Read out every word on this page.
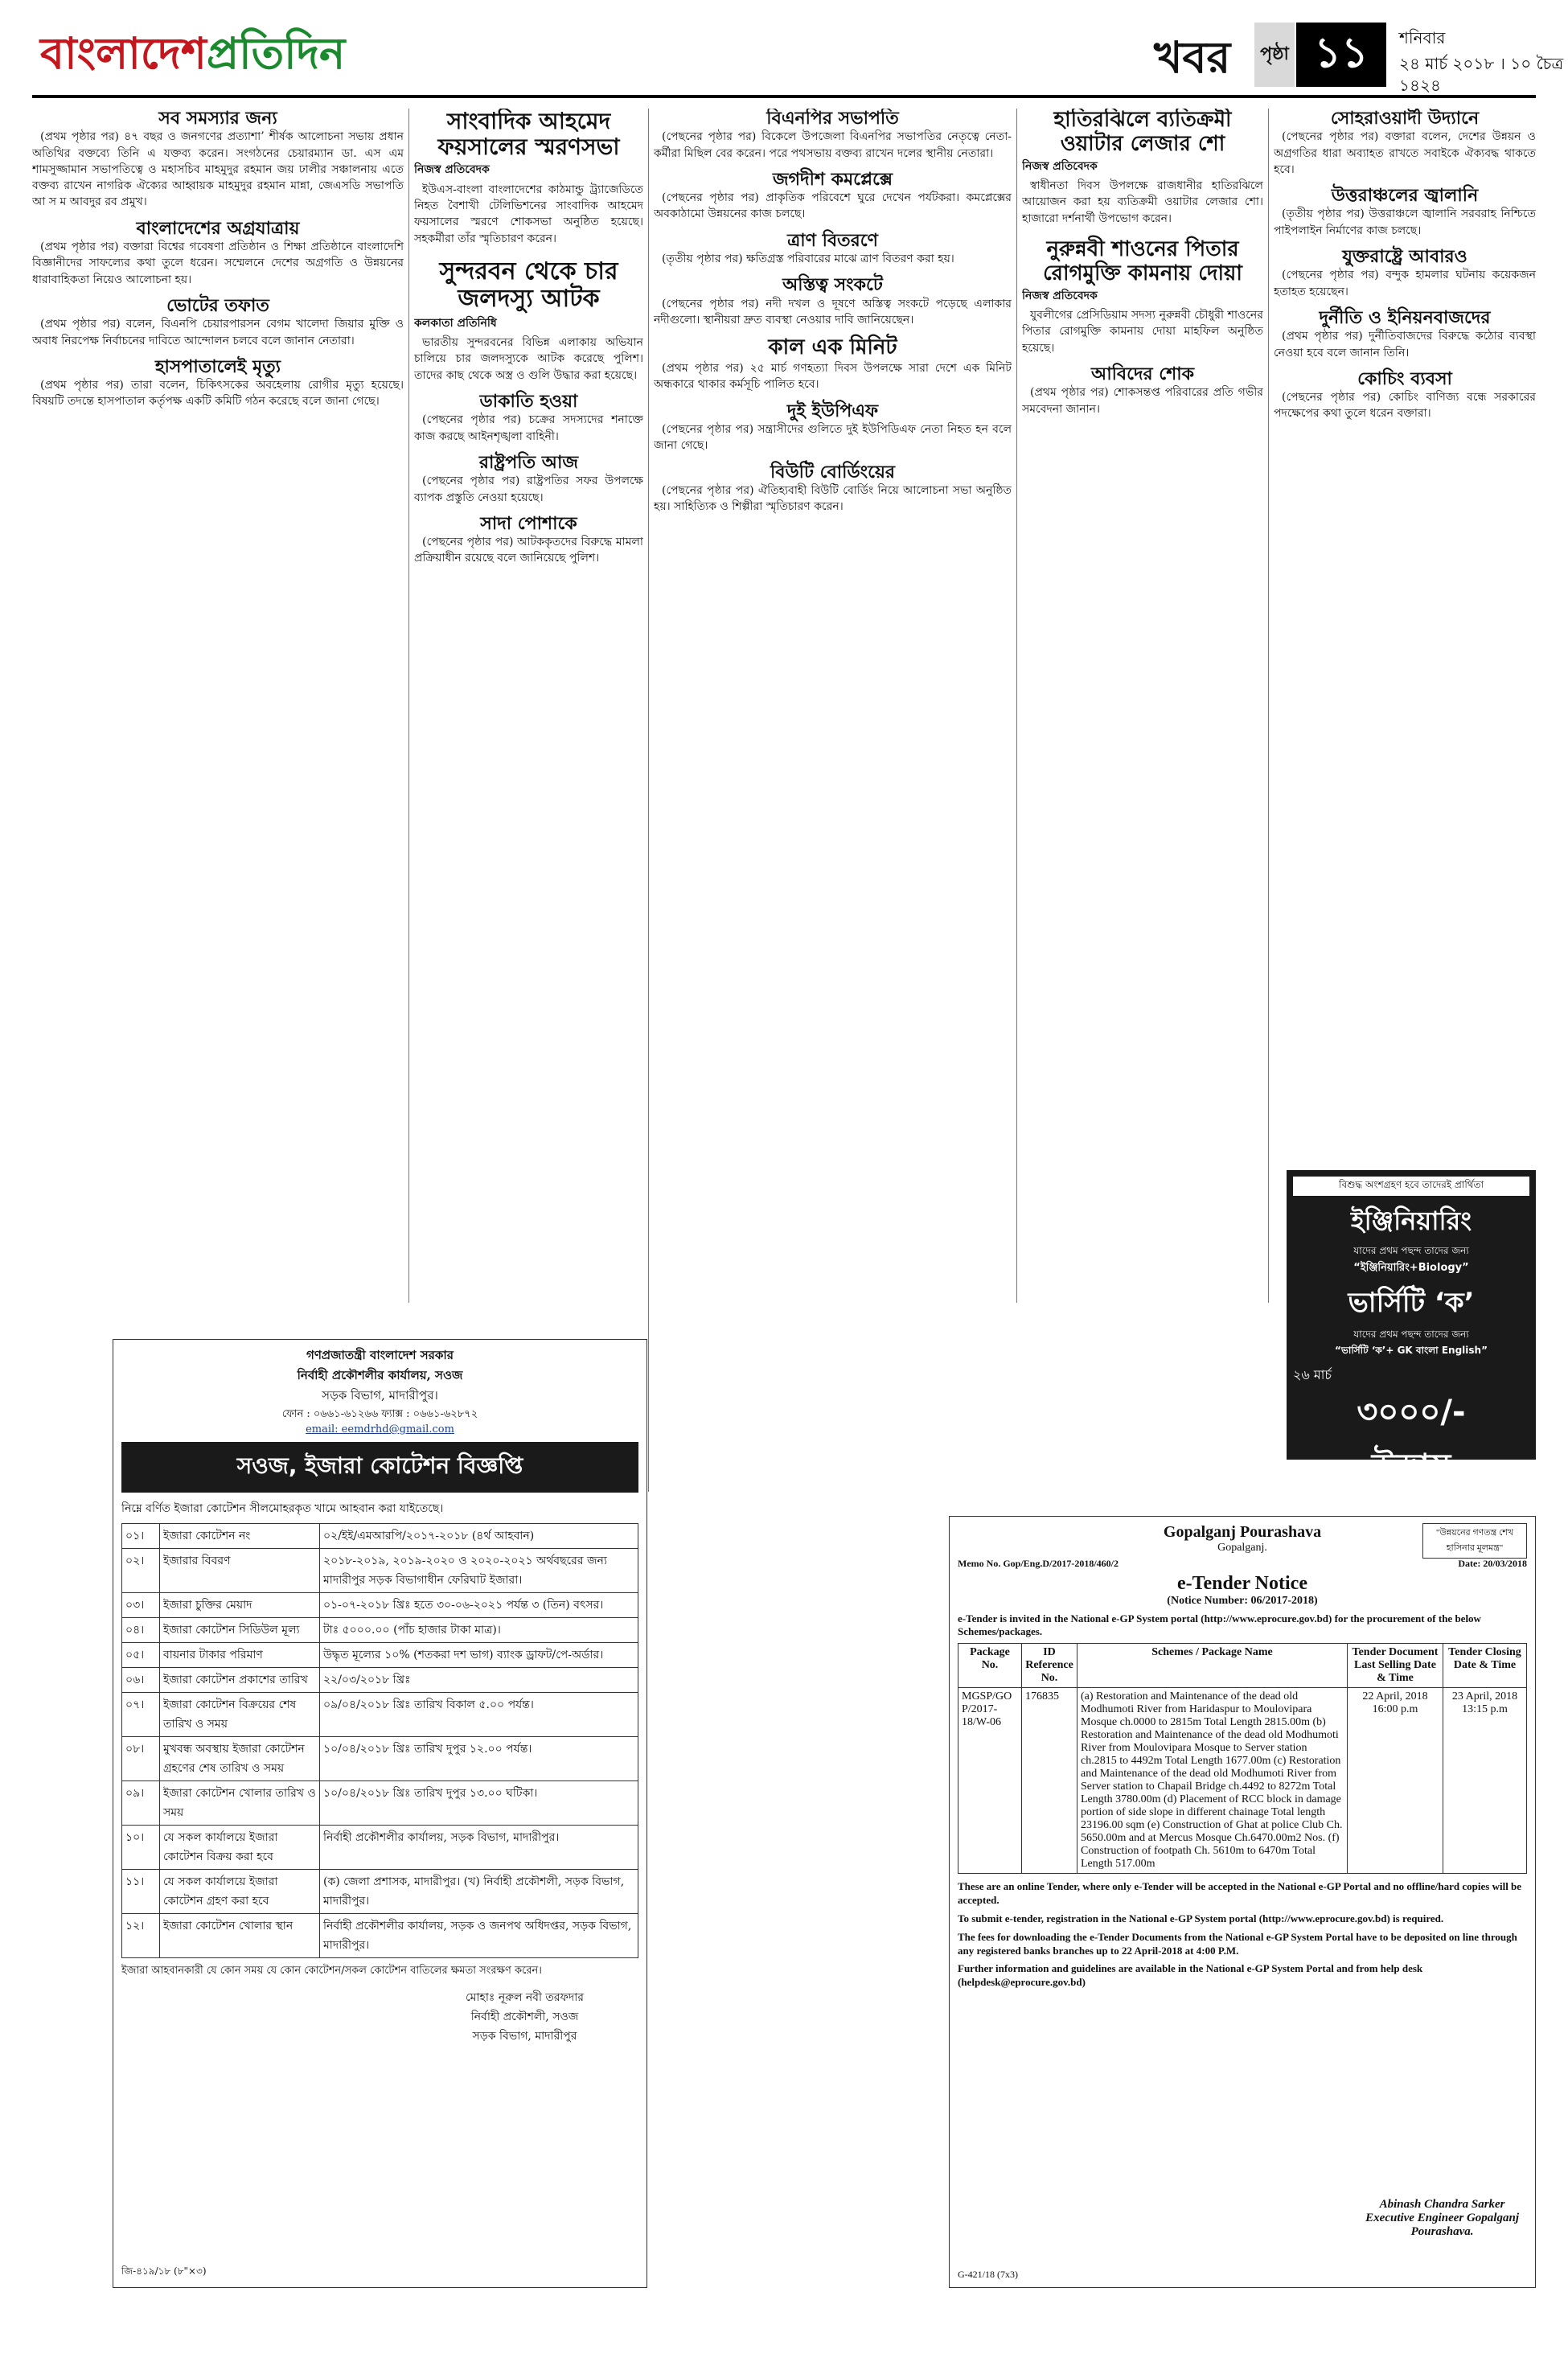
বাংলাদেশপ্রতিদিন	খবর	পৃষ্ঠা ১১	শনিবার
২৪ মার্চ ২০১৮ । ১০ চৈত্র ১৪২৪
সব সমস্যার জন্য

(প্রথম পৃষ্ঠার পর) ৪৭ বছর ও জনগণের প্রত্যাশা’ শীর্ষক আলোচনা সভায় প্রধান অতিথির বক্তব্যে তিনি এ যক্তব্য করেন। সংগঠনের চেয়ারম্যান ডা. এস এম শামসুজ্জামান সভাপতিত্বে ও মহাসচিব মাহমুদুর রহমান জয় ঢালীর সঞ্চালনায় এতে বক্তব্য রাখেন নাগরিক ঐক্যের আহ্বায়ক মাহমুদুর রহমান মান্না, জেএসডি সভাপতি আ স ম আবদুর রব প্রমুখ।

বাংলাদেশের অগ্রযাত্রায়

(প্রথম পৃষ্ঠার পর) বক্তারা বিশ্বের গবেষণা প্রতিষ্ঠান ও শিক্ষা প্রতিষ্ঠানে বাংলাদেশি বিজ্ঞানীদের সাফল্যের কথা তুলে ধরেন। সম্মেলনে দেশের অগ্রগতি ও উন্নয়নের ধারাবাহিকতা নিয়েও আলোচনা হয়।

ভোটের তফাত

(প্রথম পৃষ্ঠার পর) বলেন, বিএনপি চেয়ারপারসন বেগম খালেদা জিয়ার মুক্তি ও অবাধ নিরপেক্ষ নির্বাচনের দাবিতে আন্দোলন চলবে বলে জানান নেতারা।

হাসপাতালেই মৃত্যু

(প্রথম পৃষ্ঠার পর) তারা বলেন, চিকিৎসকের অবহেলায় রোগীর মৃত্যু হয়েছে। বিষয়টি তদন্তে হাসপাতাল কর্তৃপক্ষ একটি কমিটি গঠন করেছে বলে জানা গেছে।

সাংবাদিক আহমেদ ফয়সালের স্মরণসভা
নিজস্ব প্রতিবেদক

ইউএস-বাংলা বাংলাদেশের কাঠমান্ডু ট্র্যাজেডিতে নিহত বৈশাখী টেলিভিশনের সাংবাদিক আহমেদ ফয়সালের স্মরণে শোকসভা অনুষ্ঠিত হয়েছে। সহকর্মীরা তাঁর স্মৃতিচারণ করেন।

সুন্দরবন থেকে চার জলদস্যু আটক
কলকাতা প্রতিনিধি

ভারতীয় সুন্দরবনের বিভিন্ন এলাকায় অভিযান চালিয়ে চার জলদস্যুকে আটক করেছে পুলিশ। তাদের কাছ থেকে অস্ত্র ও গুলি উদ্ধার করা হয়েছে।

ডাকাতি হওয়া

(পেছনের পৃষ্ঠার পর) চক্রের সদস্যদের শনাক্তে কাজ করছে আইনশৃঙ্খলা বাহিনী।

রাষ্ট্রপতি আজ

(পেছনের পৃষ্ঠার পর) রাষ্ট্রপতির সফর উপলক্ষে ব্যাপক প্রস্তুতি নেওয়া হয়েছে।

সাদা পোশাকে

(পেছনের পৃষ্ঠার পর) আটককৃতদের বিরুদ্ধে মামলা প্রক্রিয়াধীন রয়েছে বলে জানিয়েছে পুলিশ।

বিএনপির সভাপতি

(পেছনের পৃষ্ঠার পর) বিকেলে উপজেলা বিএনপির সভাপতির নেতৃত্বে নেতা-কর্মীরা মিছিল বের করেন। পরে পথসভায় বক্তব্য রাখেন দলের স্থানীয় নেতারা।

জগদীশ কমপ্লেক্সে

(পেছনের পৃষ্ঠার পর) প্রাকৃতিক পরিবেশে ঘুরে দেখেন পর্যটকরা। কমপ্লেক্সের অবকাঠামো উন্নয়নের কাজ চলছে।

ত্রাণ বিতরণে

(তৃতীয় পৃষ্ঠার পর) ক্ষতিগ্রস্ত পরিবারের মাঝে ত্রাণ বিতরণ করা হয়।

অস্তিত্ব সংকটে

(পেছনের পৃষ্ঠার পর) নদী দখল ও দূষণে অস্তিত্ব সংকটে পড়েছে এলাকার নদীগুলো। স্থানীয়রা দ্রুত ব্যবস্থা নেওয়ার দাবি জানিয়েছেন।

কাল এক মিনিট

(প্রথম পৃষ্ঠার পর) ২৫ মার্চ গণহত্যা দিবস উপলক্ষে সারা দেশে এক মিনিট অন্ধকারে থাকার কর্মসূচি পালিত হবে।

দুই ইউপিএফ

(পেছনের পৃষ্ঠার পর) সন্ত্রাসীদের গুলিতে দুই ইউপিডিএফ নেতা নিহত হন বলে জানা গেছে।

বিউটি বোর্ডিংয়ের

(পেছনের পৃষ্ঠার পর) ঐতিহ্যবাহী বিউটি বোর্ডিং নিয়ে আলোচনা সভা অনুষ্ঠিত হয়। সাহিত্যিক ও শিল্পীরা স্মৃতিচারণ করেন।

হাতিরঝিলে ব্যতিক্রমী ওয়াটার লেজার শো
নিজস্ব প্রতিবেদক

স্বাধীনতা দিবস উপলক্ষে রাজধানীর হাতিরঝিলে আয়োজন করা হয় ব্যতিক্রমী ওয়াটার লেজার শো। হাজারো দর্শনার্থী উপভোগ করেন।

নুরুন্নবী শাওনের পিতার রোগমুক্তি কামনায় দোয়া
নিজস্ব প্রতিবেদক

যুবলীগের প্রেসিডিয়াম সদস্য নুরুন্নবী চৌধুরী শাওনের পিতার রোগমুক্তি কামনায় দোয়া মাহফিল অনুষ্ঠিত হয়েছে।

আবিদের শোক

(প্রথম পৃষ্ঠার পর) শোকসন্তপ্ত পরিবারের প্রতি গভীর সমবেদনা জানান।

সোহরাওয়ার্দী উদ্যানে

(পেছনের পৃষ্ঠার পর) বক্তারা বলেন, দেশের উন্নয়ন ও অগ্রগতির ধারা অব্যাহত রাখতে সবাইকে ঐক্যবদ্ধ থাকতে হবে।

উত্তরাঞ্চলের জ্বালানি

(তৃতীয় পৃষ্ঠার পর) উত্তরাঞ্চলে জ্বালানি সরবরাহ নিশ্চিতে পাইপলাইন নির্মাণের কাজ চলছে।

যুক্তরাষ্ট্রে আবারও

(পেছনের পৃষ্ঠার পর) বন্দুক হামলার ঘটনায় কয়েকজন হতাহত হয়েছেন।

দুর্নীতি ও ইনিয়নবাজদের

(প্রথম পৃষ্ঠার পর) দুর্নীতিবাজদের বিরুদ্ধে কঠোর ব্যবস্থা নেওয়া হবে বলে জানান তিনি।

কোচিং ব্যবসা

(পেছনের পৃষ্ঠার পর) কোচিং বাণিজ্য বন্ধে সরকারের পদক্ষেপের কথা তুলে ধরেন বক্তারা।

বিশুদ্ধ অংশগ্রহণ হবে তাদেরই প্রার্থিতা
ইঞ্জিনিয়ারিং
যাদের প্রথম পছন্দ তাদের জন্য
“ইঞ্জিনিয়ারিং+Biology”
ভার্সিটি ‘ক’
যাদের প্রথম পছন্দ তাদের জন্য
“ভার্সিটি ‘ক’+ GK বাংলা English”
২৬ মার্চ
৩০০০/-
উদ্ভাস
০১৭১৩২৩৬৭৭০, ০১৭১৩২৩৬৭৮০
গণপ্রজাতন্ত্রী বাংলাদেশ সরকার
নির্বাহী প্রকৌশলীর কার্যালয়, সওজ
সড়ক বিভাগ, মাদারীপুর।
ফোন : ০৬৬১-৬১২৬৬ ফ্যাক্স : ০৬৬১-৬২৮৭২
email: eemdrhd@gmail.com
সওজ, ইজারা কোটেশন বিজ্ঞপ্তি
নিম্নে বর্ণিত ইজারা কোটেশন সীলমোহরকৃত খামে আহবান করা যাইতেছে।
০১।	ইজারা কোটেশন নং	০২/ইই/এমআরপি/২০১৭-২০১৮ (৪র্থ আহবান)
০২।	ইজারার বিবরণ	২০১৮-২০১৯, ২০১৯-২০২০ ও ২০২০-২০২১ অর্থবছরের জন্য মাদারীপুর সড়ক বিভাগাধীন ফেরিঘাট ইজারা।
০৩।	ইজারা চুক্তির মেয়াদ	০১-০৭-২০১৮ খ্রিঃ হতে ৩০-০৬-২০২১ পর্যন্ত ৩ (তিন) বৎসর।
০৪।	ইজারা কোটেশন সিডিউল মূল্য	টাঃ ৫০০০.০০ (পাঁচ হাজার টাকা মাত্র)।
০৫।	বায়নার টাকার পরিমাণ	উদ্ধৃত মূল্যের ১০% (শতকরা দশ ভাগ) ব্যাংক ড্রাফট/পে-অর্ডার।
০৬।	ইজারা কোটেশন প্রকাশের তারিখ	২২/০৩/২০১৮ খ্রিঃ
০৭।	ইজারা কোটেশন বিক্রয়ের শেষ তারিখ ও সময়	০৯/০৪/২০১৮ খ্রিঃ তারিখ বিকাল ৫.০০ পর্যন্ত।
০৮।	মুখবন্ধ অবস্থায় ইজারা কোটেশন গ্রহণের শেষ তারিখ ও সময়	১০/০৪/২০১৮ খ্রিঃ তারিখ দুপুর ১২.০০ পর্যন্ত।
০৯।	ইজারা কোটেশন খোলার তারিখ ও সময়	১০/০৪/২০১৮ খ্রিঃ তারিখ দুপুর ১৩.০০ ঘটিকা।
১০।	যে সকল কার্যালয়ে ইজারা কোটেশন বিক্রয় করা হবে	নির্বাহী প্রকৌশলীর কার্যালয়, সড়ক বিভাগ, মাদারীপুর।
১১।	যে সকল কার্যালয়ে ইজারা কোটেশন গ্রহণ করা হবে	(ক) জেলা প্রশাসক, মাদারীপুর। (খ) নির্বাহী প্রকৌশলী, সড়ক বিভাগ, মাদারীপুর।
১২।	ইজারা কোটেশন খোলার স্থান	নির্বাহী প্রকৌশলীর কার্যালয়, সড়ক ও জনপথ অধিদপ্তর, সড়ক বিভাগ, মাদারীপুর।
ইজারা আহবানকারী যে কোন সময় যে কোন কোটেশন/সকল কোটেশন বাতিলের ক্ষমতা সংরক্ষণ করেন।
মোহাঃ নূরুল নবী তরফদার
নির্বাহী প্রকৌশলী, সওজ
সড়ক বিভাগ, মাদারীপুর
জি-৪১৯/১৮ (৮"×৩)
"উন্নয়নের গণতন্ত্র শেখ হাসিনার মূলমন্ত্র"
Gopalganj Pourashava
Gopalganj.
Memo No. Gop/Eng.D/2017-2018/460/2	Date: 20/03/2018
e-Tender Notice
(Notice Number: 06/2017-2018)
e-Tender is invited in the National e-GP System portal (http://www.eprocure.gov.bd) for the procurement of the below Schemes/packages.
Package No.	ID Reference No.	Schemes / Package Name	Tender Document Last Selling Date & Time	Tender Closing Date & Time
MGSP/GO P/2017-18/W-06	176835	(a) Restoration and Maintenance of the dead old Modhumoti River from Haridaspur to Moulovipara Mosque ch.0000 to 2815m Total Length 2815.00m (b) Restoration and Maintenance of the dead old Modhumoti River from Moulovipara Mosque to Server station ch.2815 to 4492m Total Length 1677.00m (c) Restoration and Maintenance of the dead old Modhumoti River from Server station to Chapail Bridge ch.4492 to 8272m Total Length 3780.00m (d) Placement of RCC block in damage portion of side slope in different chainage Total length 23196.00 sqm (e) Construction of Ghat at police Club Ch. 5650.00m and at Mercus Mosque Ch.6470.00m2 Nos. (f) Construction of footpath Ch. 5610m to 6470m Total Length 517.00m	22 April, 2018 16:00 p.m	23 April, 2018 13:15 p.m

These are an online Tender, where only e-Tender will be accepted in the National e-GP Portal and no offline/hard copies will be accepted.

To submit e-tender, registration in the National e-GP System portal (http://www.eprocure.gov.bd) is required.

The fees for downloading the e-Tender Documents from the National e-GP System Portal have to be deposited on line through any registered banks branches up to 22 April-2018 at 4:00 P.M.

Further information and guidelines are available in the National e-GP System Portal and from help desk (helpdesk@eprocure.gov.bd)

Abinash Chandra Sarker
Executive Engineer Gopalganj
Pourashava.
G-421/18 (7x3)
